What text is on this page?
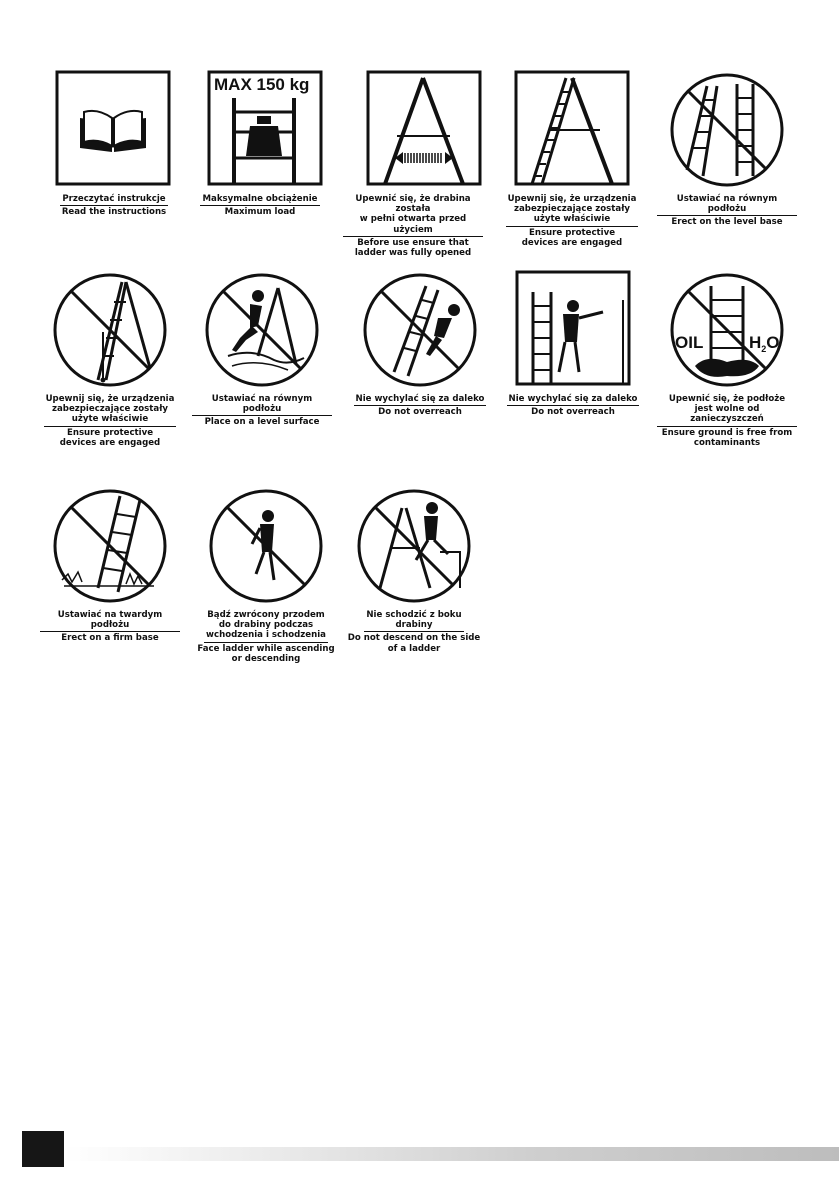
Przeczytać instrukcje
Read the instructions
MAX 150 kg
Maksymalne obciążenie
Maximum load
Upewnić się, że drabina została
w pełni otwarta przed użyciem
Before use ensure that
ladder was fully opened
Upewnij się, że urządzenia
zabezpieczające zostały
użyte właściwie
Ensure protective
devices are engaged
Ustawiać na równym podłożu
Erect on the level base
Upewnij się, że urządzenia
zabezpieczające zostały
użyte właściwie
Ensure protective
devices are engaged
Ustawiać na równym podłożu
Place on a level surface
Nie wychylać się za daleko
Do not overreach
Nie wychylać się za daleko
Do not overreach
OIL	$H_2O$
Upewnić się, że podłoże
jest wolne od zanieczyszczeń
Ensure ground is free from
contaminants
Ustawiać na twardym podłożu
Erect on a firm base
Bądź zwrócony przodem
do drabiny podczas
wchodzenia i schodzenia
Face ladder while ascending
or descending
Nie schodzić z boku
drabiny
Do not descend on the side
of a ladder
